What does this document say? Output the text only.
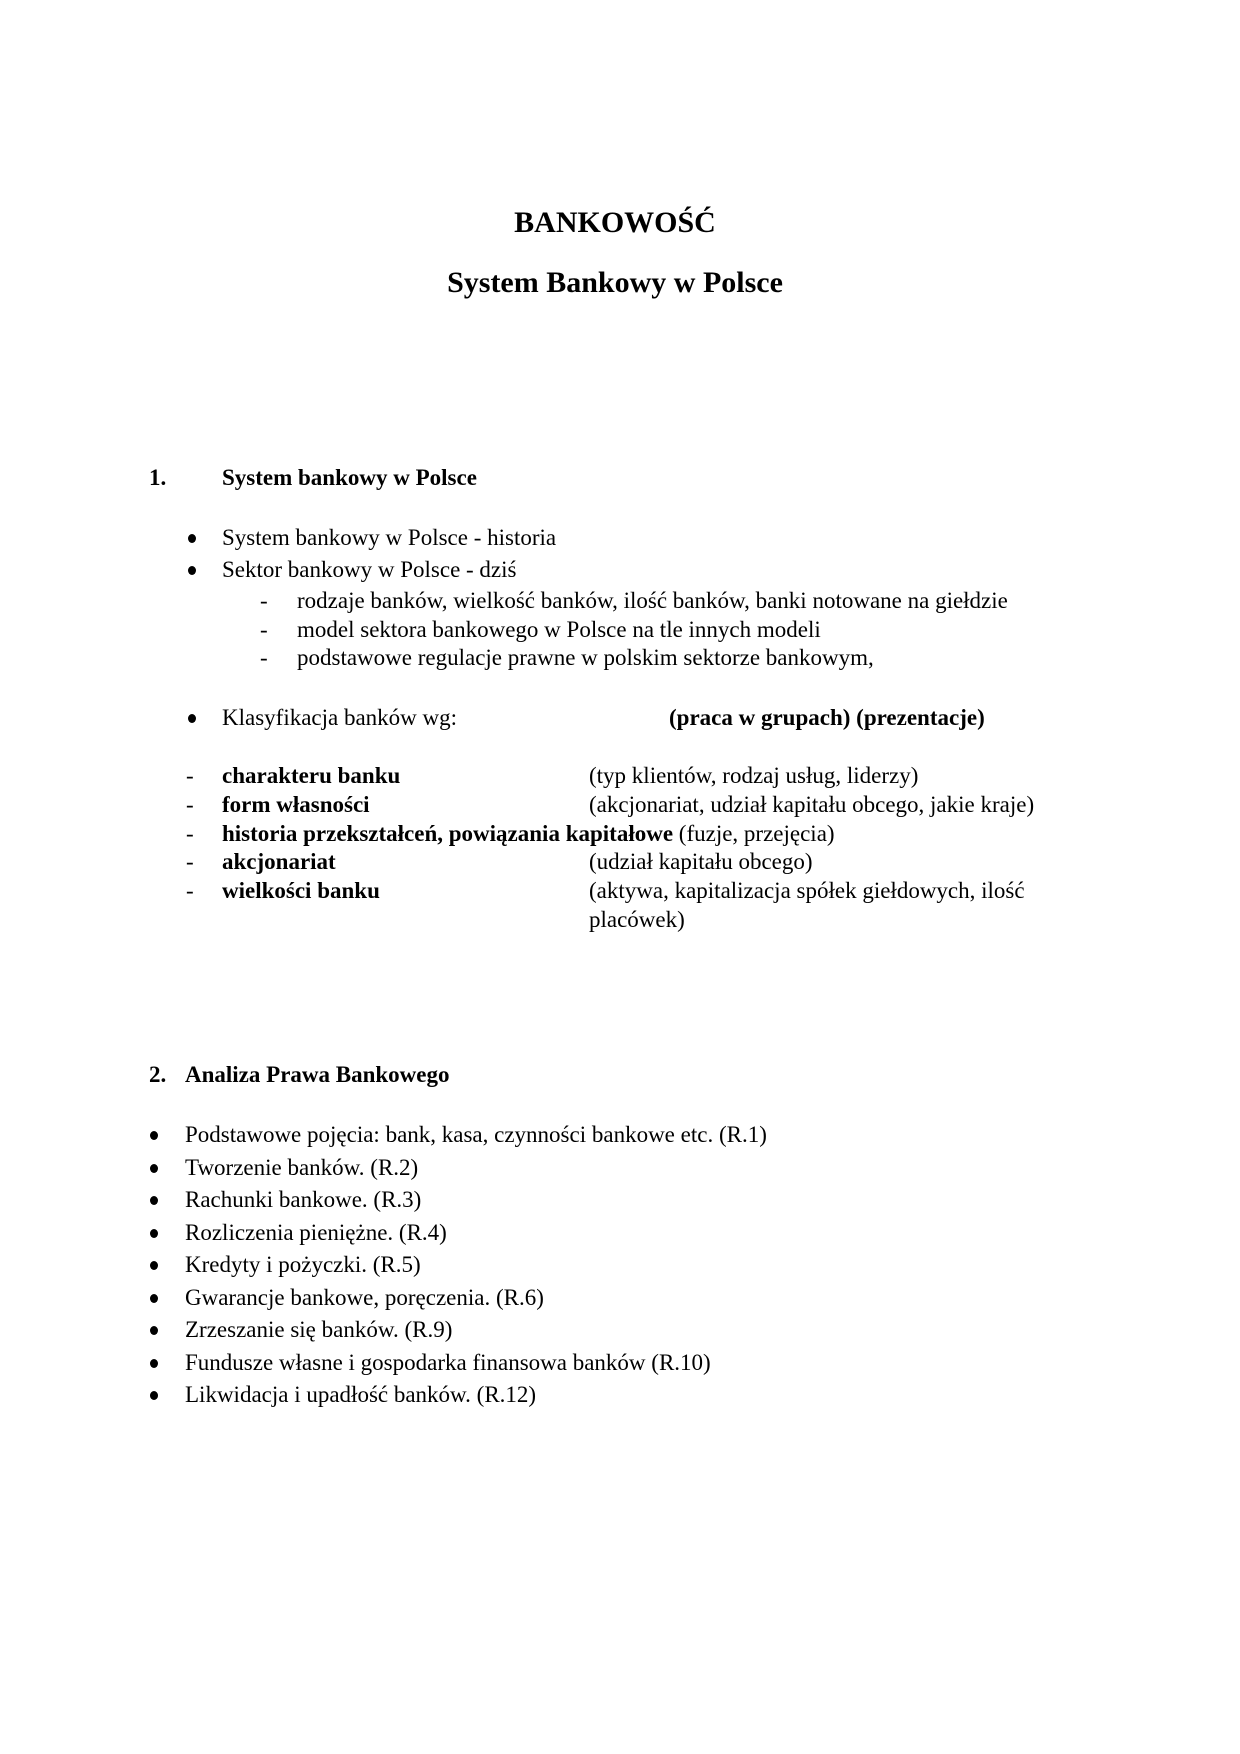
BANKOWOŚĆ
System Bankowy w Polsce
1. System bankowy w Polsce
System bankowy w Polsce - historia
Sektor bankowy w Polsce - dziś
- rodzaje banków, wielkość banków, ilość banków, banki notowane na giełdzie
- model sektora bankowego w Polsce na tle innych modeli
- podstawowe regulacje prawne w polskim sektorze bankowym,
Klasyfikacja banków wg:	(praca w grupach) (prezentacje)
- charakteru banku	(typ klientów, rodzaj usług, liderzy)
- form własności	(akcjonariat, udział kapitału obcego, jakie kraje)
- historia przekształceń, powiązania kapitałowe (fuzje, przejęcia)
- akcjonariat	(udział kapitału obcego)
- wielkości banku	(aktywa, kapitalizacja spółek giełdowych, ilość
placówek)
2. Analiza Prawa Bankowego
Podstawowe pojęcia: bank, kasa, czynności bankowe etc. (R.1)
Tworzenie banków. (R.2)
Rachunki bankowe. (R.3)
Rozliczenia pieniężne. (R.4)
Kredyty i pożyczki. (R.5)
Gwarancje bankowe, poręczenia. (R.6)
Zrzeszanie się banków. (R.9)
Fundusze własne i gospodarka finansowa banków (R.10)
Likwidacja i upadłość banków. (R.12)
